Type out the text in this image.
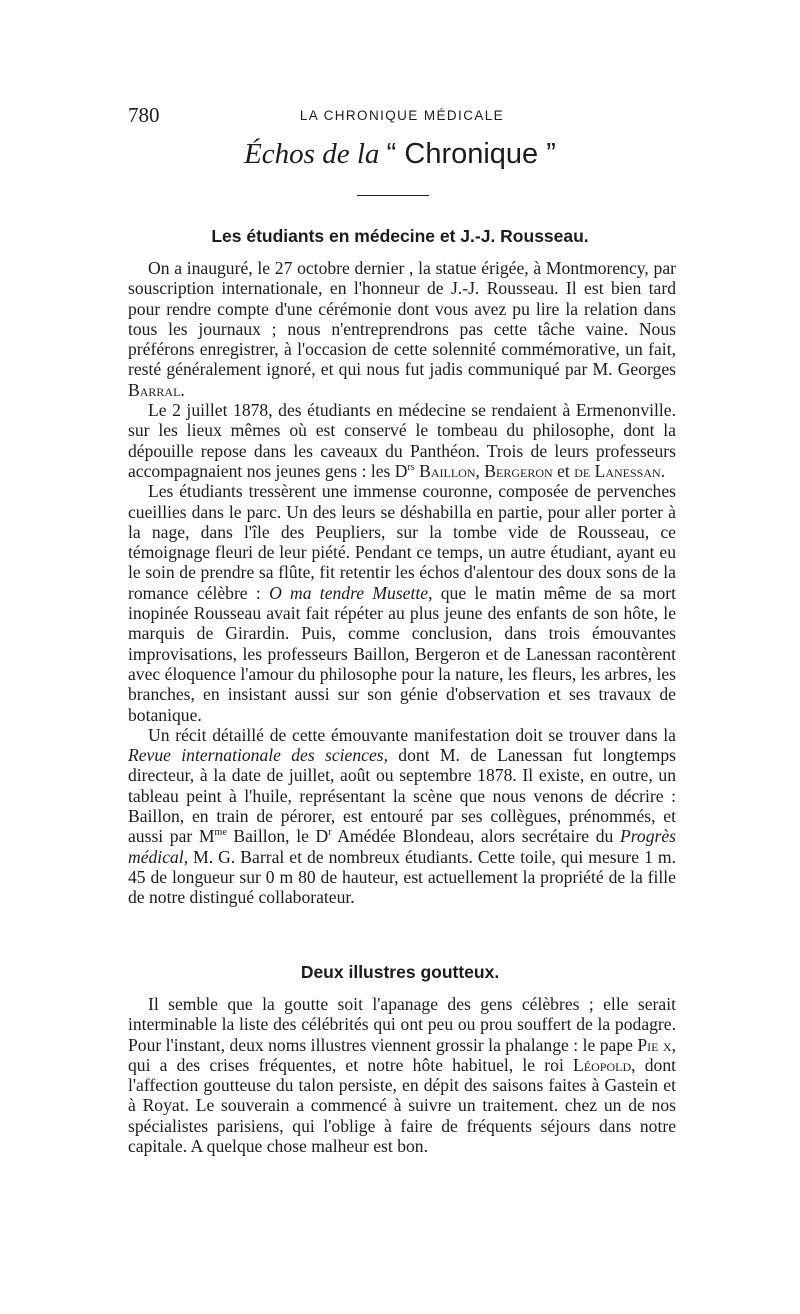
780	LA CHRONIQUE MÉDICALE
Échos de la “ Chronique ”
Les étudiants en médecine et J.-J. Rousseau.

On a inauguré, le 27 octobre dernier , la statue érigée, à Montmorency, par souscription internationale, en l'honneur de J.-J. Rousseau. Il est bien tard pour rendre compte d'une cérémonie dont vous avez pu lire la relation dans tous les journaux ; nous n'entreprendrons pas cette tâche vaine. Nous préférons enregistrer, à l'occasion de cette solennité commémorative, un fait, resté généralement ignoré, et qui nous fut jadis communiqué par M. Georges Barral.

Le 2 juillet 1878, des étudiants en médecine se rendaient à Ermenonville. sur les lieux mêmes où est conservé le tombeau du philosophe, dont la dépouille repose dans les caveaux du Panthéon. Trois de leurs professeurs accompagnaient nos jeunes gens : les $D^{rs}$ Baillon, Bergeron et de Lanessan.

Les étudiants tressèrent une immense couronne, composée de pervenches cueillies dans le parc. Un des leurs se déshabilla en partie, pour aller porter à la nage, dans l'île des Peupliers, sur la tombe vide de Rousseau, ce témoignage fleuri de leur piété. Pendant ce temps, un autre étudiant, ayant eu le soin de prendre sa flûte, fit retentir les échos d'alentour des doux sons de la romance célèbre : O ma tendre Musette, que le matin même de sa mort inopinée Rousseau avait fait répéter au plus jeune des enfants de son hôte, le marquis de Girardin. Puis, comme conclusion, dans trois émouvantes improvisations, les professeurs Baillon, Bergeron et de Lanessan racontèrent avec éloquence l'amour du philosophe pour la nature, les fleurs, les arbres, les branches, en insistant aussi sur son génie d'observation et ses travaux de botanique.

Un récit détaillé de cette émouvante manifestation doit se trouver dans la Revue internationale des sciences, dont M. de Lanessan fut longtemps directeur, à la date de juillet, août ou septembre 1878. Il existe, en outre, un tableau peint à l'huile, représentant la scène que nous venons de décrire : Baillon, en train de pérorer, est entouré par ses collègues, prénommés, et aussi par $M^{me}$ Baillon, le $D^r$ Amédée Blondeau, alors secrétaire du Progrès médical, M. G. Barral et de nombreux étudiants. Cette toile, qui mesure 1 m. 45 de longueur sur 0 m 80 de hauteur, est actuellement la propriété de la fille de notre distingué collaborateur.

Deux illustres goutteux.

Il semble que la goutte soit l'apanage des gens célèbres ; elle serait interminable la liste des célébrités qui ont peu ou prou souffert de la podagre. Pour l'instant, deux noms illustres viennent grossir la phalange : le pape Pie x, qui a des crises fréquentes, et notre hôte habituel, le roi Léopold, dont l'affection goutteuse du talon persiste, en dépit des saisons faites à Gastein et à Royat. Le souverain a commencé à suivre un traitement. chez un de nos spécialistes parisiens, qui l'oblige à faire de fréquents séjours dans notre capitale. A quelque chose malheur est bon.
